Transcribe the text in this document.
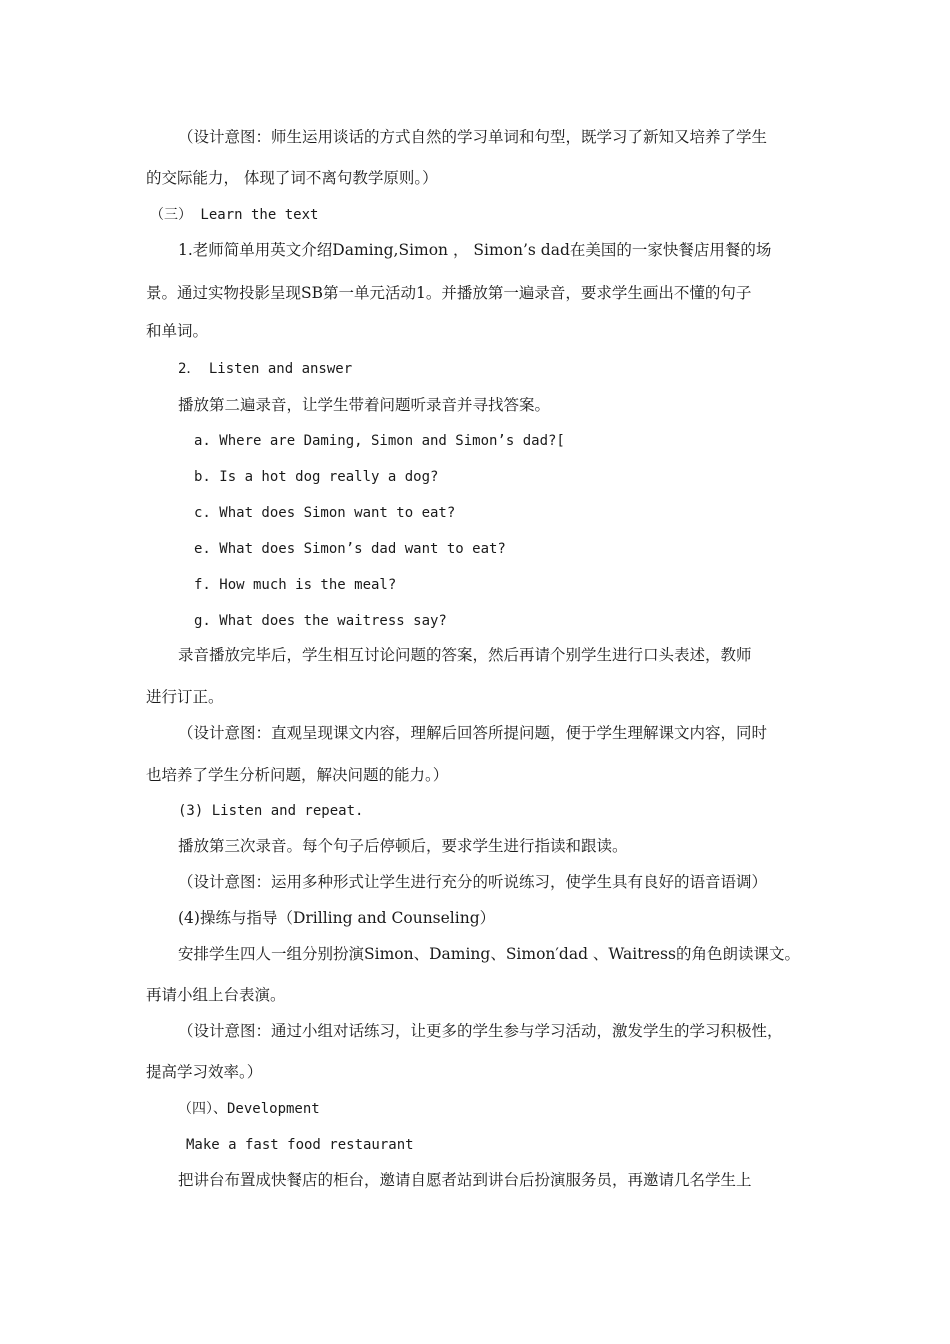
（设计意图：师生运用谈话的方式自然的学习单词和句型，既学习了新知又培养了学生
的交际能力， 体现了词不离句教学原则。）
（三） Learn the text
1.老师简单用英文介绍Daming,Simon ， Simon’s dad在美国的一家快餐店用餐的场
景。通过实物投影呈现SB第一单元活动1。并播放第一遍录音，要求学生画出不懂的句子
和单词。
2． Listen and answer
播放第二遍录音，让学生带着问题听录音并寻找答案。
a. Where are Daming, Simon and Simon’s dad?[
b. Is a hot dog really a dog?
c. What does Simon want to eat?
e. What does Simon’s dad want to eat?
f. How much is the meal?
g. What does the waitress say?
录音播放完毕后，学生相互讨论问题的答案，然后再请个别学生进行口头表述，教师
进行订正。
（设计意图：直观呈现课文内容，理解后回答所提问题，便于学生理解课文内容，同时
也培养了学生分析问题，解决问题的能力。）
(3) Listen and repeat.
播放第三次录音。每个句子后停顿后，要求学生进行指读和跟读。
（设计意图：运用多种形式让学生进行充分的听说练习，使学生具有良好的语音语调）
(4)操练与指导（Drilling and Counseling）
安排学生四人一组分别扮演Simon、Daming、Simon′dad 、Waitress的角色朗读课文。
再请小组上台表演。
（设计意图：通过小组对话练习，让更多的学生参与学习活动，激发学生的学习积极性，
提高学习效率。）
（四）、Development
Make a fast food restaurant
把讲台布置成快餐店的柜台，邀请自愿者站到讲台后扮演服务员，再邀请几名学生上
